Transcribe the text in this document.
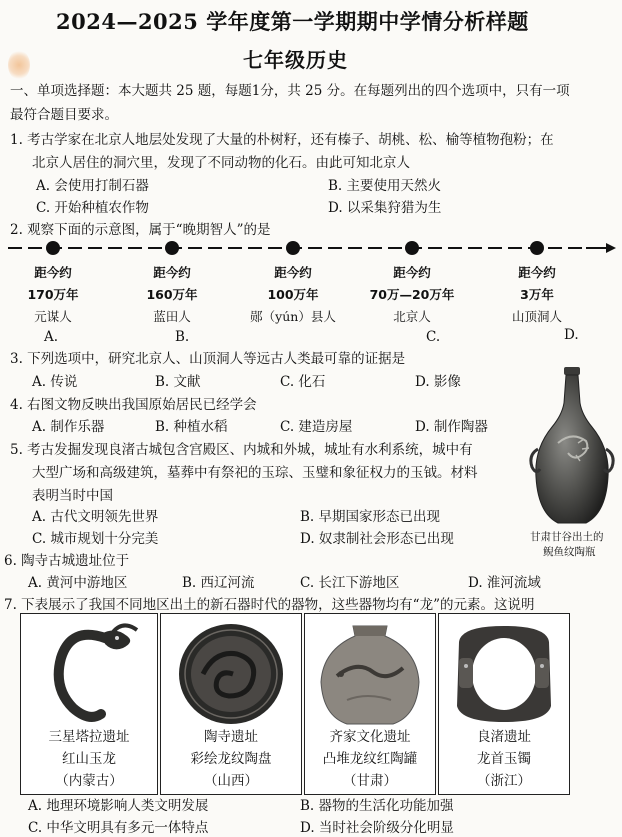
2024—2025 学年度第一学期期中学情分析样题
七年级历史
一、单项选择题：本大题共 25 题，每题1分，共 25 分。在每题列出的四个选项中，只有一项
最符合题目要求。
1. 考古学家在北京人地层处发现了大量的朴树籽，还有榛子、胡桃、松、榆等植物孢粉；在
北京人居住的洞穴里，发现了不同动物的化石。由此可知北京人
A. 会使用打制石器	B. 主要使用天然火
C. 开始种植农作物	D. 以采集狩猎为生
2. 观察下面的示意图，属于“晚期智人”的是
距今约
170万年
元谋人
A.
距今约
160万年
蓝田人
B.
距今约
100万年
郧（yún）县人
距今约
70万—20万年
北京人
C.
距今约
3万年
山顶洞人
D.
3. 下列选项中，研究北京人、山顶洞人等远古人类最可靠的证据是
A. 传说	B. 文献	C. 化石	D. 影像
4. 右图文物反映出我国原始居民已经学会
A. 制作乐器	B. 种植水稻	C. 建造房屋	D. 制作陶器
甘肃甘谷出土的
鲵鱼纹陶瓶
5. 考古发掘发现良渚古城包含宫殿区、内城和外城，城址有水利系统，城中有
大型广场和高级建筑，墓葬中有祭祀的玉琮、玉璧和象征权力的玉钺。材料
表明当时中国
A. 古代文明领先世界	B. 早期国家形态已出现
C. 城市规划十分完美	D. 奴隶制社会形态已出现
6. 陶寺古城遗址位于
A. 黄河中游地区	B. 西辽河流	C. 长江下游地区	D. 淮河流域
7. 下表展示了我国不同地区出土的新石器时代的器物，这些器物均有“龙”的元素。这说明
三星塔拉遗址
红山玉龙
（内蒙古）
陶寺遗址
彩绘龙纹陶盘
（山西）
齐家文化遗址
凸堆龙纹红陶罐
（甘肃）
良渚遗址
龙首玉镯
（浙江）
A. 地理环境影响人类文明发展	B. 器物的生活化功能加强
C. 中华文明具有多元一体特点	D. 当时社会阶级分化明显
